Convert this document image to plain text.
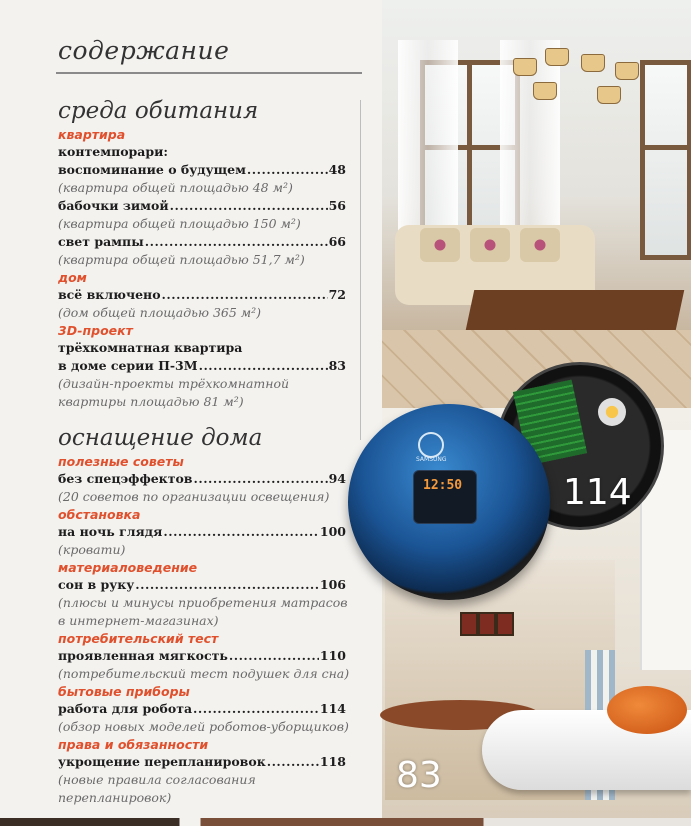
содержание
среда обитания
квартира
контемпорари:
воспоминание о будущем .....	48
(квартира общей площадью 48 м²)
бабочки зимой .....	56
(квартира общей площадью 150 м²)
свет рампы .....	66
(квартира общей площадью 51,7 м²)
дом
всё включено .....	72
(дом общей площадью 365 м²)
3D-проект
трёхкомнатная квартира
в доме серии П-3М .....	83
(дизайн-проекты трёхкомнатной
квартиры площадью 81 м²)
оснащение дома
полезные советы
без спецэффектов .....	94
(20 советов по организации освещения)
обстановка
на ночь глядя .....	100
(кровати)
материаловедение
сон в руку .....	106
(плюсы и минусы приобретения матрасов
в интернет-магазинах)
потребительский тест
проявленная мягкость .....	110
(потребительский тест подушек для сна)
бытовые приборы
работа для робота .....	114
(обзор новых моделей роботов-уборщиков)
права и обязанности
укрощение перепланировок .....	118
(новые правила согласования
перепланировок)
SAMSUNG
12:50	114
83
